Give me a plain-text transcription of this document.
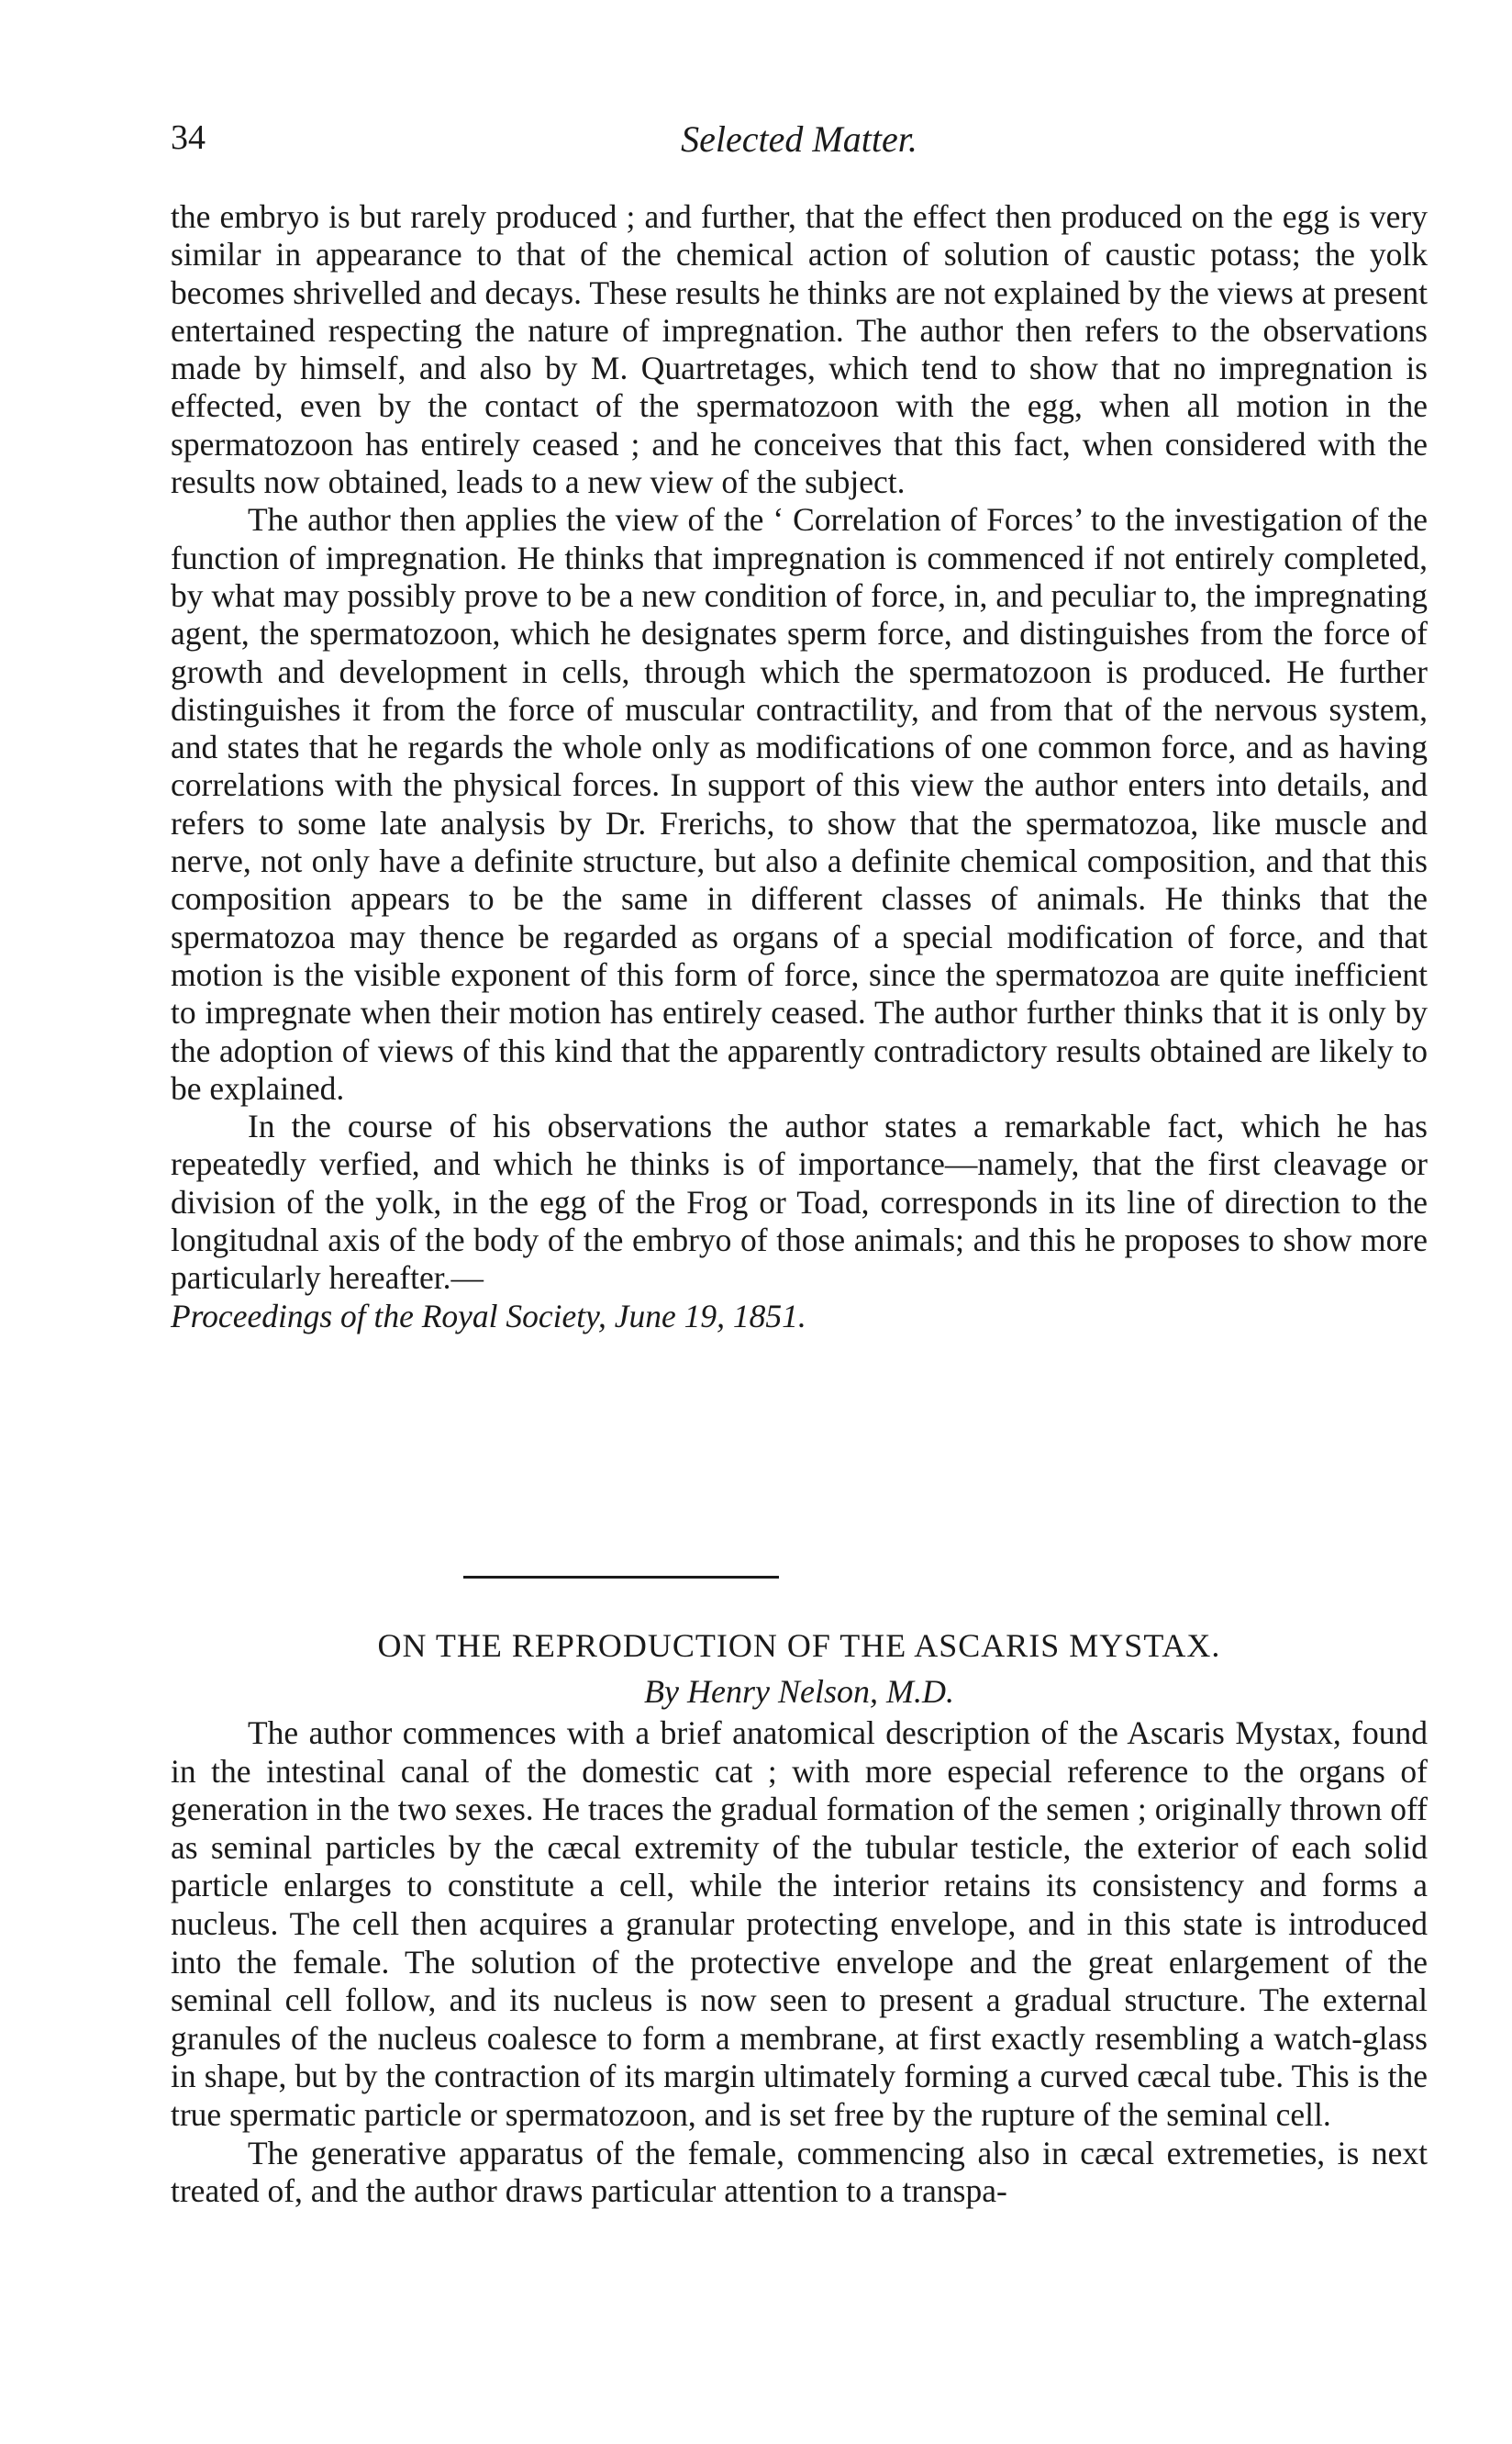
34	Selected Matter.

the embryo is but rarely produced ; and further, that the effect then produced on the egg is very similar in appearance to that of the chemical action of solution of caustic potass; the yolk becomes shrivelled and decays. These results he thinks are not explained by the views at present entertained respecting the nature of impregnation. The author then refers to the observations made by himself, and also by M. Quartretages, which tend to show that no impregnation is effected, even by the contact of the spermatozoon with the egg, when all motion in the spermatozoon has entirely ceased ; and he conceives that this fact, when considered with the results now obtained, leads to a new view of the subject.

The author then applies the view of the ‘ Correlation of Forces’ to the investigation of the function of impregnation. He thinks that impregnation is commenced if not entirely completed, by what may possibly prove to be a new condition of force, in, and peculiar to, the impregnating agent, the spermatozoon, which he designates sperm force, and distinguishes from the force of growth and development in cells, through which the spermatozoon is produced. He further distinguishes it from the force of muscular contractility, and from that of the nervous system, and states that he regards the whole only as modifications of one common force, and as having correlations with the physical forces. In support of this view the author enters into details, and refers to some late analysis by Dr. Frerichs, to show that the spermatozoa, like muscle and nerve, not only have a definite structure, but also a definite chemical composition, and that this composition appears to be the same in different classes of animals. He thinks that the spermatozoa may thence be regarded as organs of a special modification of force, and that motion is the visible exponent of this form of force, since the spermatozoa are quite inefficient to impregnate when their motion has entirely ceased. The author further thinks that it is only by the adoption of views of this kind that the apparently contradictory results obtained are likely to be explained.

In the course of his observations the author states a remarkable fact, which he has repeatedly verfied, and which he thinks is of importance—namely, that the first cleavage or division of the yolk, in the egg of the Frog or Toad, corresponds in its line of direction to the longitudnal axis of the body of the embryo of those animals; and this he proposes to show more particularly hereafter.—

Proceedings of the Royal Society, June 19, 1851.

ON THE REPRODUCTION OF THE ASCARIS MYSTAX.
By Henry Nelson, M.D.

The author commences with a brief anatomical description of the Ascaris Mystax, found in the intestinal canal of the domestic cat ; with more especial reference to the organs of generation in the two sexes. He traces the gradual formation of the semen ; originally thrown off as seminal particles by the cæcal extremity of the tubular testicle, the exterior of each solid particle enlarges to constitute a cell, while the interior retains its consistency and forms a nucleus. The cell then acquires a granular protecting envelope, and in this state is introduced into the female. The solution of the protective envelope and the great enlargement of the seminal cell follow, and its nucleus is now seen to present a gradual structure. The external granules of the nucleus coalesce to form a membrane, at first exactly resembling a watch-glass in shape, but by the contraction of its margin ultimately forming a curved cæcal tube. This is the true spermatic particle or spermatozoon, and is set free by the rupture of the seminal cell.

The generative apparatus of the female, commencing also in cæcal extremeties, is next treated of, and the author draws particular attention to a transpa-
